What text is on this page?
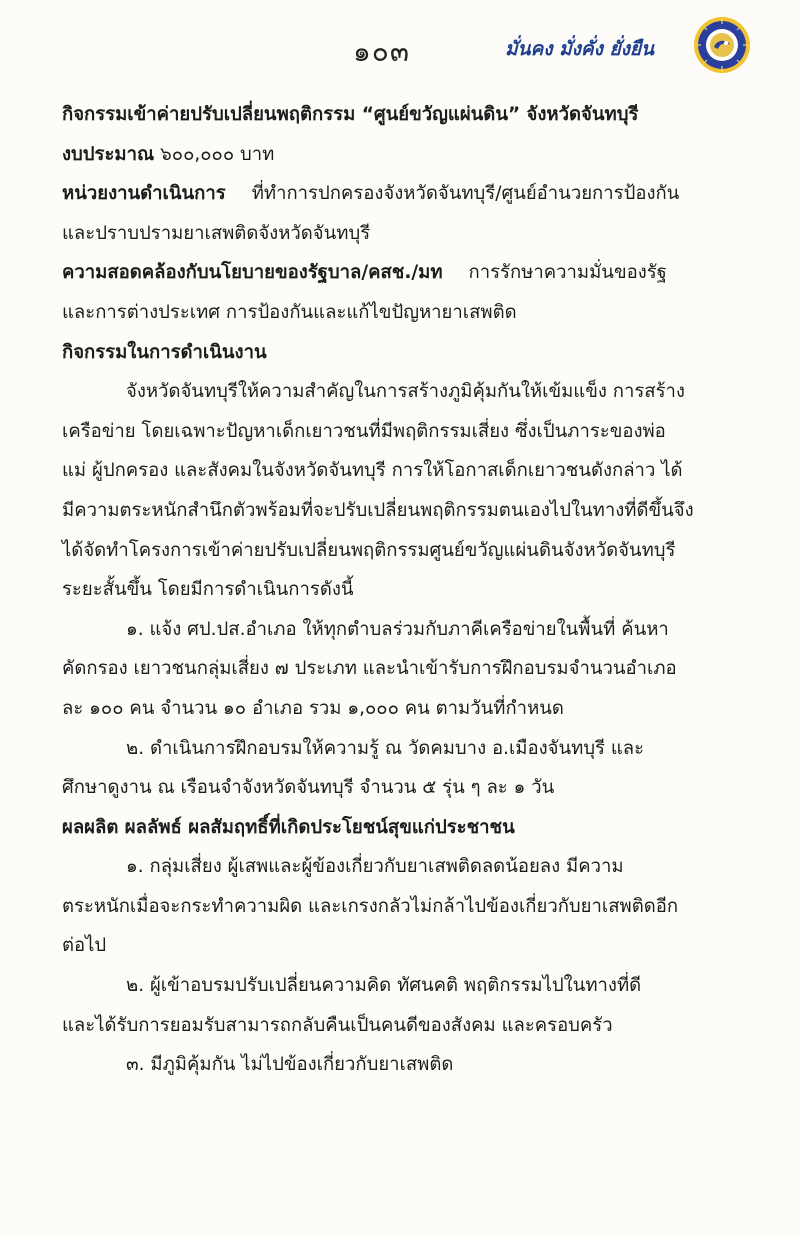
๑๐๓	มั่นคง มั่งคั่ง ยั่งยืน
กิจกรรมเข้าค่ายปรับเปลี่ยนพฤติกรรม “ศูนย์ขวัญแผ่นดิน” จังหวัดจันทบุรี
งบประมาณ ๖๐๐,๐๐๐ บาท
หน่วยงานดำเนินการ ที่ทำการปกครองจังหวัดจันทบุรี/ศูนย์อำนวยการป้องกัน
และปราบปรามยาเสพติดจังหวัดจันทบุรี
ความสอดคล้องกับนโยบายของรัฐบาล/คสช./มท การรักษาความมั่นของรัฐ
และการต่างประเทศ การป้องกันและแก้ไขปัญหายาเสพติด
กิจกรรมในการดำเนินงาน
จังหวัดจันทบุรีให้ความสำคัญในการสร้างภูมิคุ้มกันให้เข้มแข็ง การสร้าง
เครือข่าย โดยเฉพาะปัญหาเด็กเยาวชนที่มีพฤติกรรมเสี่ยง ซึ่งเป็นภาระของพ่อ
แม่ ผู้ปกครอง และสังคมในจังหวัดจันทบุรี การให้โอกาสเด็กเยาวชนดังกล่าว ได้
มีความตระหนักสำนึกตัวพร้อมที่จะปรับเปลี่ยนพฤติกรรมตนเองไปในทางที่ดีขึ้นจึง
ได้จัดทำโครงการเข้าค่ายปรับเปลี่ยนพฤติกรรมศูนย์ขวัญแผ่นดินจังหวัดจันทบุรี
ระยะสั้นขึ้น โดยมีการดำเนินการดังนี้
๑. แจ้ง ศป.ปส.อำเภอ ให้ทุกตำบลร่วมกับภาคีเครือข่ายในพื้นที่ ค้นหา
คัดกรอง เยาวชนกลุ่มเสี่ยง ๗ ประเภท และนำเข้ารับการฝึกอบรมจำนวนอำเภอ
ละ ๑๐๐ คน จำนวน ๑๐ อำเภอ รวม ๑,๐๐๐ คน ตามวันที่กำหนด
๒. ดำเนินการฝึกอบรมให้ความรู้ ณ วัดคมบาง อ.เมืองจันทบุรี และ
ศึกษาดูงาน ณ เรือนจำจังหวัดจันทบุรี จำนวน ๕ รุ่น ๆ ละ ๑ วัน
ผลผลิต ผลลัพธ์ ผลสัมฤทธิ์ที่เกิดประโยชน์สุขแก่ประชาชน
๑. กลุ่มเสี่ยง ผู้เสพและผู้ข้องเกี่ยวกับยาเสพติดลดน้อยลง มีความ
ตระหนักเมื่อจะกระทำความผิด และเกรงกลัวไม่กล้าไปข้องเกี่ยวกับยาเสพติดอีก
ต่อไป
๒. ผู้เข้าอบรมปรับเปลี่ยนความคิด ทัศนคติ พฤติกรรมไปในทางที่ดี
และได้รับการยอมรับสามารถกลับคืนเป็นคนดีของสังคม และครอบครัว
๓. มีภูมิคุ้มกัน ไม่ไปข้องเกี่ยวกับยาเสพติด
